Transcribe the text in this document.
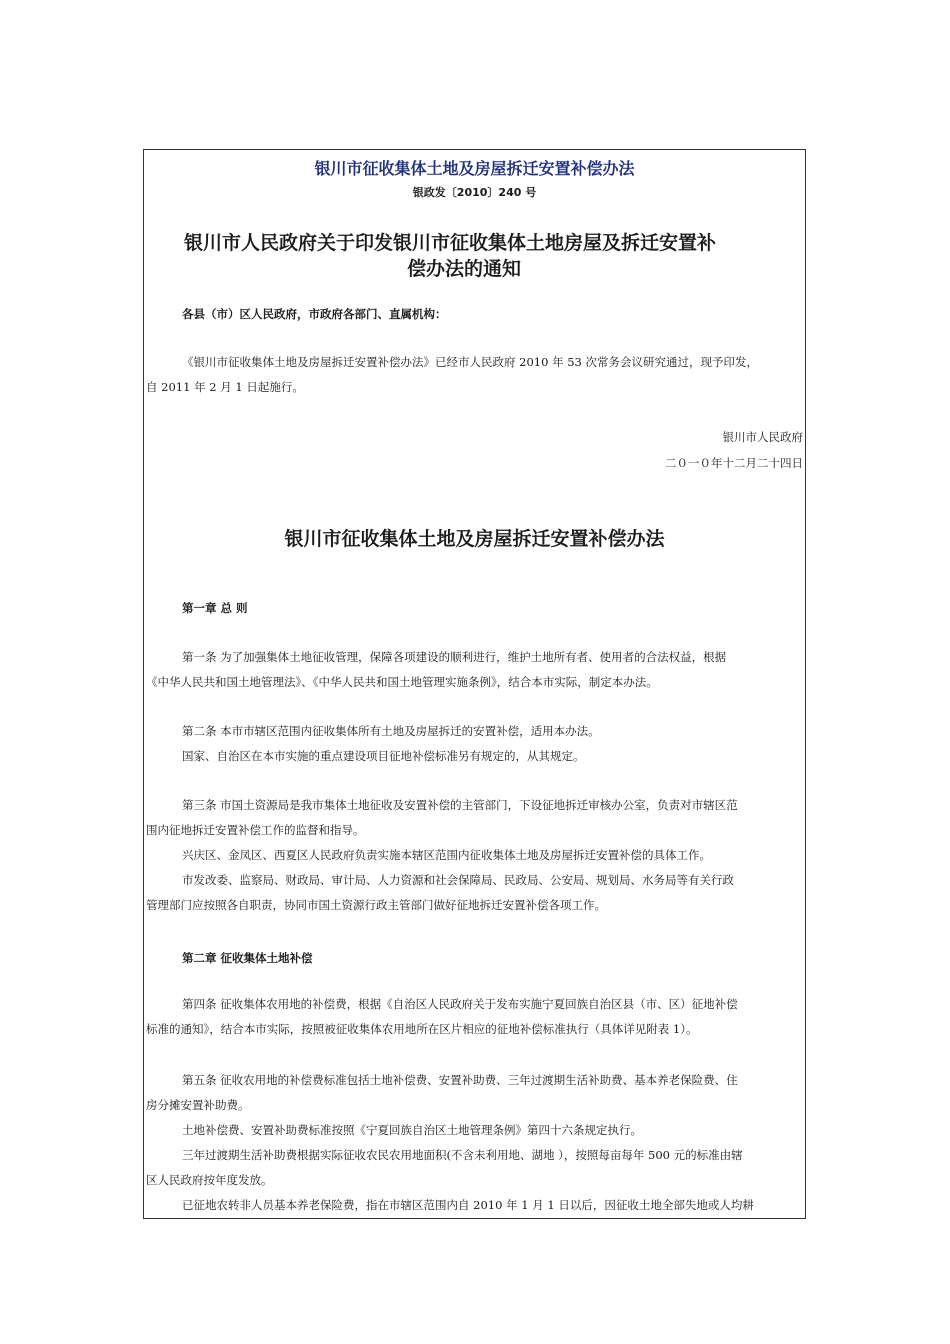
银川市征收集体土地及房屋拆迁安置补偿办法
银政发〔2010〕240 号
银川市人民政府关于印发银川市征收集体土地房屋及拆迁安置补
偿办法的通知
各县（市）区人民政府，市政府各部门、直属机构：
《银川市征收集体土地及房屋拆迁安置补偿办法》已经市人民政府 2010 年 53 次常务会议研究通过，现予印发，
自 2011 年 2 月 1 日起施行。
银川市人民政府
二０一０年十二月二十四日
银川市征收集体土地及房屋拆迁安置补偿办法
第一章 总 则
第一条 为了加强集体土地征收管理，保障各项建设的顺利进行，维护土地所有者、使用者的合法权益，根据
《中华人民共和国土地管理法》、《中华人民共和国土地管理实施条例》，结合本市实际，制定本办法。
第二条 本市市辖区范围内征收集体所有土地及房屋拆迁的安置补偿，适用本办法。
国家、自治区在本市实施的重点建设项目征地补偿标准另有规定的，从其规定。
第三条 市国土资源局是我市集体土地征收及安置补偿的主管部门，下设征地拆迁审核办公室，负责对市辖区范
围内征地拆迁安置补偿工作的监督和指导。
兴庆区、金凤区、西夏区人民政府负责实施本辖区范围内征收集体土地及房屋拆迁安置补偿的具体工作。
市发改委、监察局、财政局、审计局、人力资源和社会保障局、民政局、公安局、规划局、水务局等有关行政
管理部门应按照各自职责，协同市国土资源行政主管部门做好征地拆迁安置补偿各项工作。
第二章 征收集体土地补偿
第四条 征收集体农用地的补偿费，根据《自治区人民政府关于发布实施宁夏回族自治区县（市、区）征地补偿
标准的通知》，结合本市实际，按照被征收集体农用地所在区片相应的征地补偿标准执行（具体详见附表 1）。
第五条 征收农用地的补偿费标准包括土地补偿费、安置补助费、三年过渡期生活补助费、基本养老保险费、住
房分摊安置补助费。
土地补偿费、安置补助费标准按照《宁夏回族自治区土地管理条例》第四十六条规定执行。
三年过渡期生活补助费根据实际征收农民农用地面积(不含未利用地、湖地 ），按照每亩每年 500 元的标准由辖
区人民政府按年度发放。
已征地农转非人员基本养老保险费，指在市辖区范围内自 2010 年 1 月 1 日以后，因征收土地全部失地或人均耕
